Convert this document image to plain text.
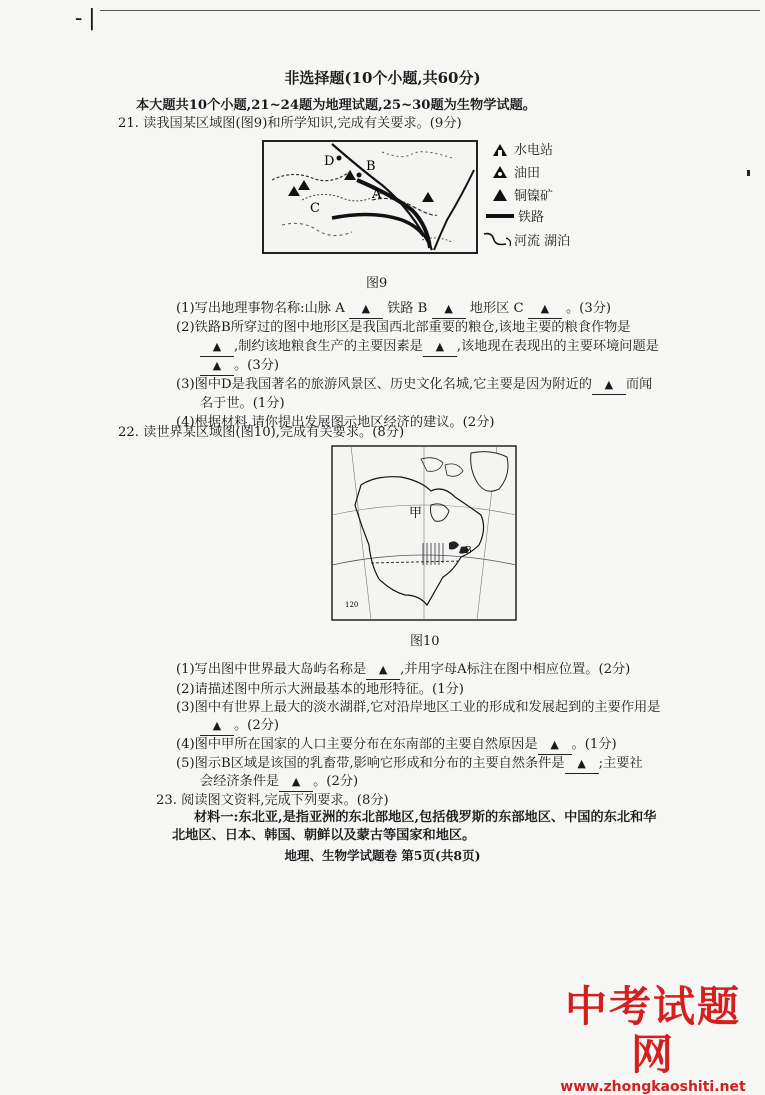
-|
非选择题(10个小题,共60分)
本大题共10个小题,21~24题为地理试题,25~30题为生物学试题。
21. 读我国某区域图(图9)和所学知识,完成有关要求。(9分)
D B
A
C
水电站
油田
铜镍矿
铁路
河流 湖泊
图9
(1)写出地理事物名称:山脉 A ▲ 铁路 B ▲ 地形区 C ▲ 。(3分)
(2)铁路B所穿过的图中地形区是我国西北部重要的粮仓,该地主要的粮食作物是
▲ ,制约该地粮食生产的主要因素是 ▲ ,该地现在表现出的主要环境问题是
▲ 。(3分)
(3)图中D是我国著名的旅游风景区、历史文化名城,它主要是因为附近的 ▲ 而闻
名于世。(1分)
(4)根据材料,请你提出发展图示地区经济的建议。(2分)
22. 读世界某区域图(图10),完成有关要求。(8分)
甲
B
120
图10
(1)写出图中世界最大岛屿名称是 ▲ ,并用字母A标注在图中相应位置。(2分)
(2)请描述图中所示大洲最基本的地形特征。(1分)
(3)图中有世界上最大的淡水湖群,它对沿岸地区工业的形成和发展起到的主要作用是
▲ 。(2分)
(4)图中甲所在国家的人口主要分布在东南部的主要自然原因是 ▲ 。(1分)
(5)图示B区域是该国的乳畜带,影响它形成和分布的主要自然条件是 ▲ ;主要社
会经济条件是 ▲ 。(2分)
23. 阅读图文资料,完成下列要求。(8分)
材料一:东北亚,是指亚洲的东北部地区,包括俄罗斯的东部地区、中国的东北和华
北地区、日本、韩国、朝鲜以及蒙古等国家和地区。
地理、生物学试题卷 第5页(共8页)
中考试题网
www.zhongkaoshiti.net
